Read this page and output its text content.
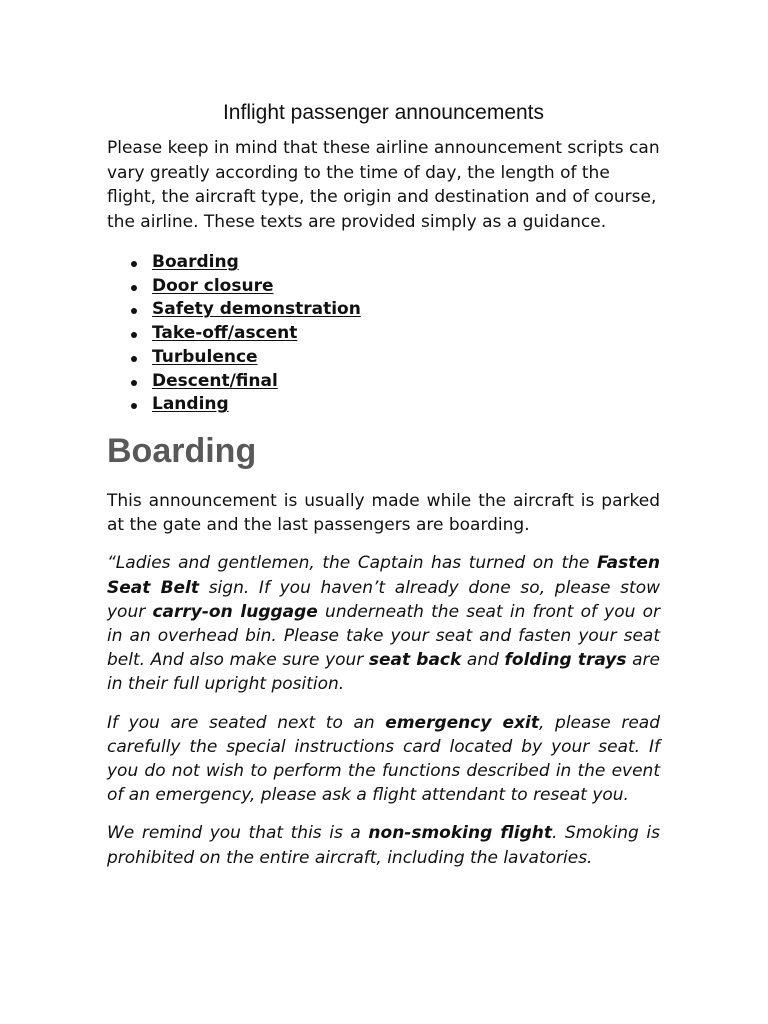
Inflight passenger announcements

Please keep in mind that these airline announcement scripts can vary greatly according to the time of day, the length of the flight, the aircraft type, the origin and destination and of course, the airline. These texts are provided simply as a guidance.

Boarding
Door closure
Safety demonstration
Take-off/ascent
Turbulence
Descent/final
Landing
Boarding

This announcement is usually made while the aircraft is parked at the gate and the last passengers are boarding.

“Ladies and gentlemen, the Captain has turned on the Fasten Seat Belt sign. If you haven’t already done so, please stow your carry-on luggage underneath the seat in front of you or in an overhead bin. Please take your seat and fasten your seat belt. And also make sure your seat back and folding trays are in their full upright position.

If you are seated next to an emergency exit, please read carefully the special instructions card located by your seat. If you do not wish to perform the functions described in the event of an emergency, please ask a flight attendant to reseat you.

We remind you that this is a non-smoking flight. Smoking is prohibited on the entire aircraft, including the lavatories.
